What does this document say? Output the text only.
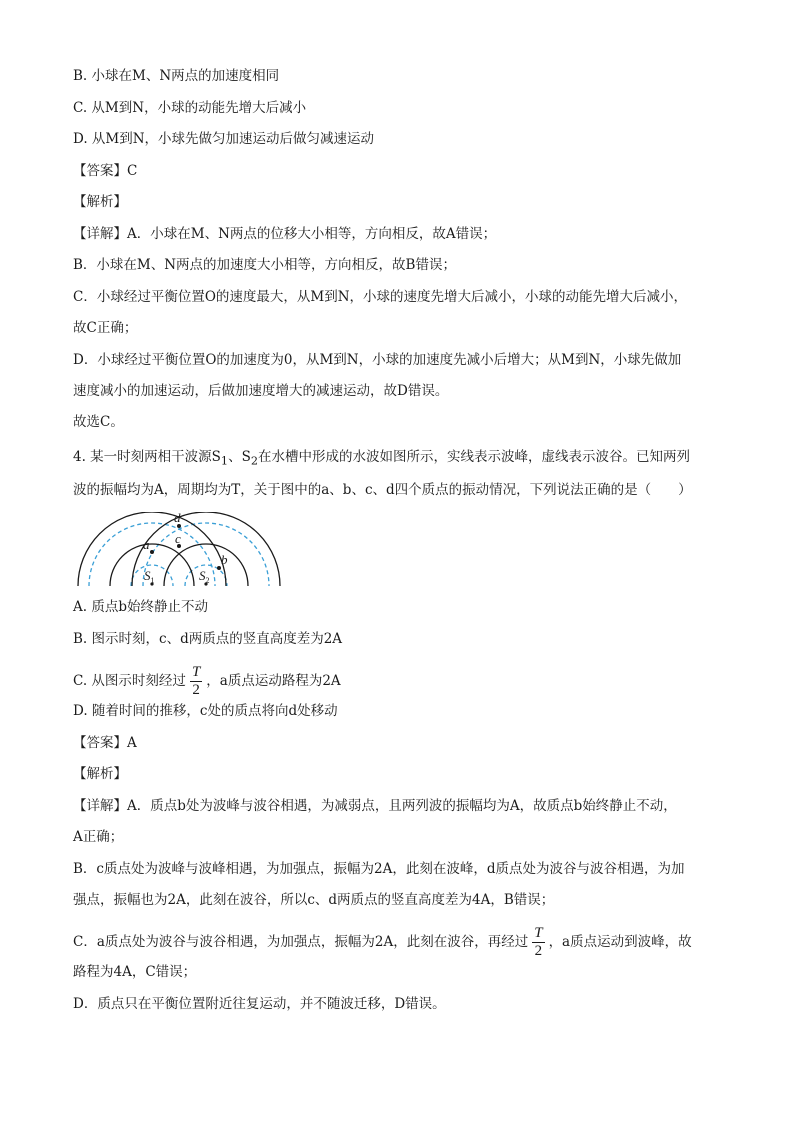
B. 小球在M、N两点的加速度相同
C. 从M到N，小球的动能先增大后减小
D. 从M到N，小球先做匀加速运动后做匀减速运动
【答案】C
【解析】
【详解】A．小球在M、N两点的位移大小相等，方向相反，故A错误；
B．小球在M、N两点的加速度大小相等，方向相反，故B错误；
C．小球经过平衡位置O的速度最大，从M到N，小球的速度先增大后减小，小球的动能先增大后减小，
故C正确；
D．小球经过平衡位置O的加速度为0，从M到N，小球的加速度先减小后增大；从M到N，小球先做加
速度减小的加速运动，后做加速度增大的减速运动，故D错误。
故选C。
4. 某一时刻两相干波源$S_1$、$S_2$在水槽中形成的水波如图所示，实线表示波峰，虚线表示波谷。已知两列
波的振幅均为A，周期均为T，关于图中的a、b、c、d四个质点的振动情况，下列说法正确的是（　　）
a
b
c
d
$S_1$	$S_2$
A. 质点b始终静止不动
B. 图示时刻，c、d两质点的竖直高度差为2A
C. 从图示时刻经过 $\frac{T}{2}$ ，a质点运动路程为2A
D. 随着时间的推移，c处的质点将向d处移动
【答案】A
【解析】
【详解】A．质点b处为波峰与波谷相遇，为减弱点，且两列波的振幅均为A，故质点b始终静止不动，
A正确；
B．c质点处为波峰与波峰相遇，为加强点，振幅为2A，此刻在波峰，d质点处为波谷与波谷相遇，为加
强点，振幅也为2A，此刻在波谷，所以c、d两质点的竖直高度差为4A，B错误；
C．a质点处为波谷与波谷相遇，为加强点，振幅为2A，此刻在波谷，再经过 $\frac{T}{2}$ ，a质点运动到波峰，故
路程为4A，C错误；
D．质点只在平衡位置附近往复运动，并不随波迁移，D错误。
